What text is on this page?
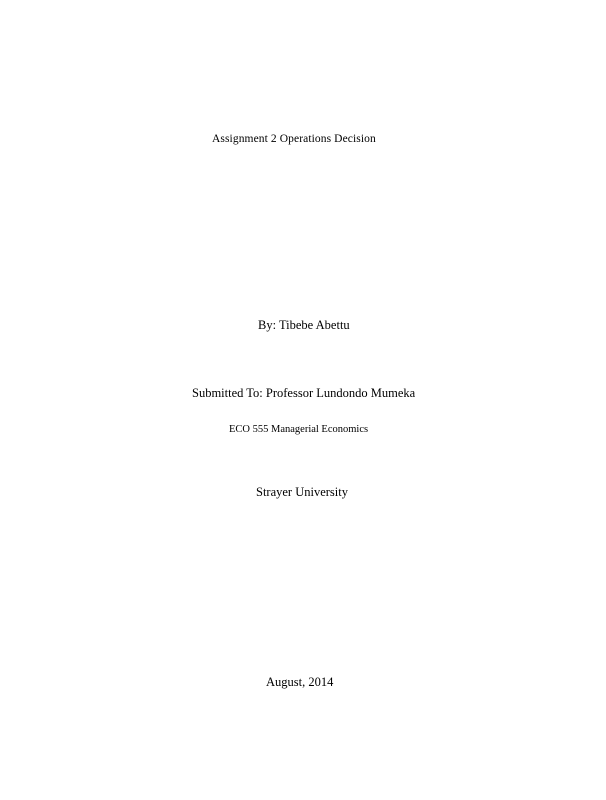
Assignment 2 Operations Decision
By: Tibebe Abettu
Submitted To: Professor Lundondo Mumeka
ECO 555 Managerial Economics
Strayer University
August, 2014
